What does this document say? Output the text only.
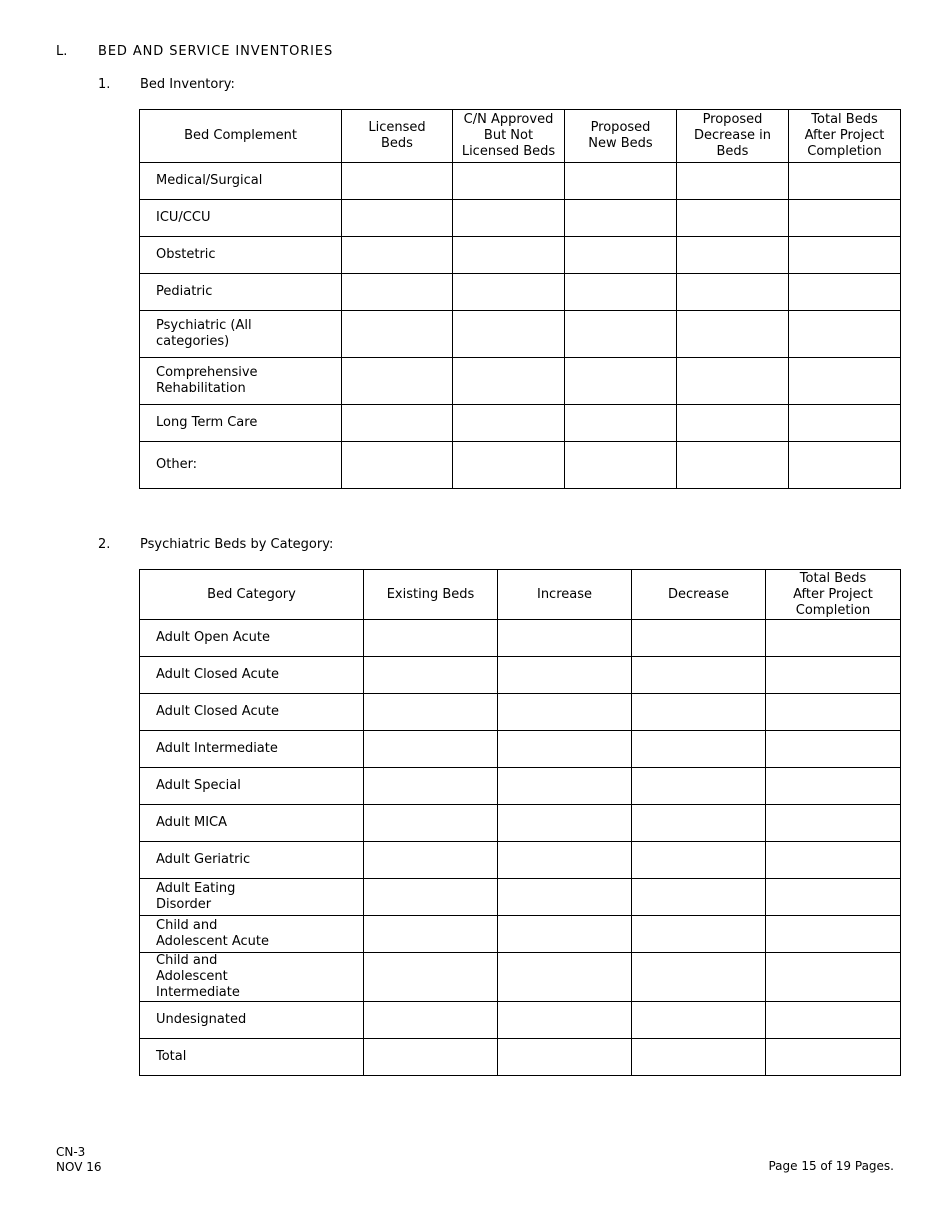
L. BED AND SERVICE INVENTORIES
1. Bed Inventory:
Bed Complement	Licensed Beds	C/N Approved But Not Licensed Beds	Proposed New Beds	Proposed Decrease in Beds	Total Beds After Project Completion
Medical/Surgical					
ICU/CCU					
Obstetric					
Pediatric					
Psychiatric (All categories)					
Comprehensive Rehabilitation					
Long Term Care					
Other:					
2. Psychiatric Beds by Category:
Bed Category	Existing Beds	Increase	Decrease	Total Beds After Project Completion	
Adult Open Acute					
Adult Closed Acute					
Adult Closed Acute					
Adult Intermediate					
Adult Special					
Adult MICA					
Adult Geriatric					
Adult Eating Disorder					
Child and Adolescent Acute					
Child and Adolescent Intermediate					
Undesignated					
Total					
CN-3
NOV 16	Page 15 of 19 Pages.
